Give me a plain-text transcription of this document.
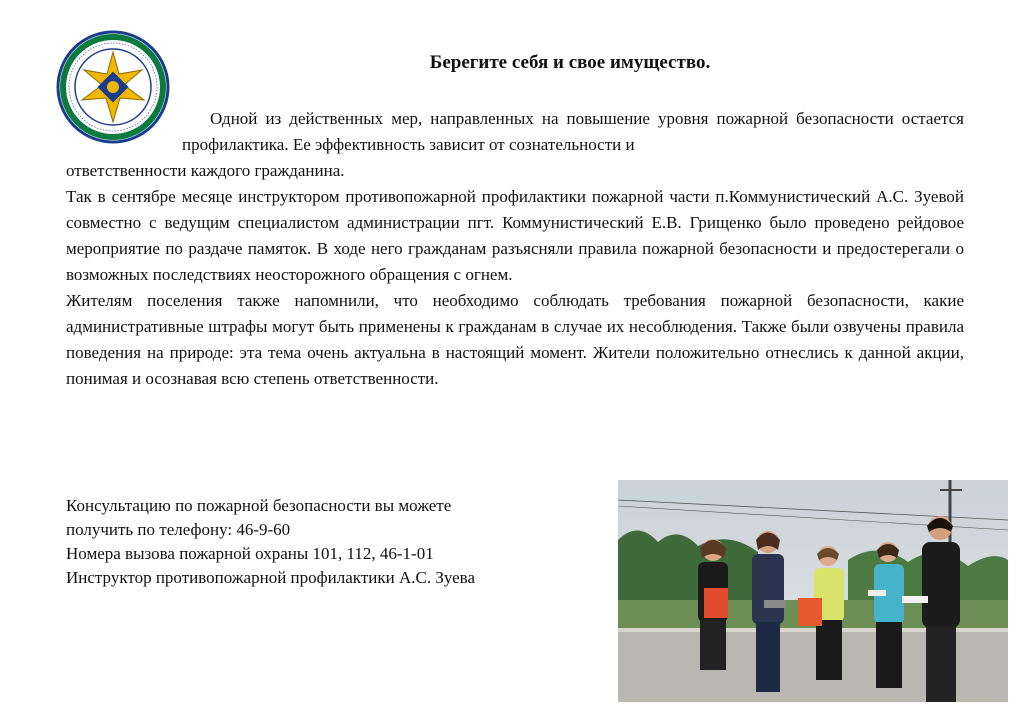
Берегите себя и свое имущество.

Одной из действенных мер, направленных на повышение уровня пожарной безопасности остается профилактика. Ее эффективность зависит от сознательности и

ответственности каждого гражданина.

Так в сентябре месяце инструктором противопожарной профилактики пожарной части п.Коммунистический А.С. Зуевой совместно с ведущим специалистом администрации пгт. Коммунистический Е.В. Грищенко было проведено рейдовое мероприятие по раздаче памяток. В ходе него гражданам разъясняли правила пожарной безопасности и предостерегали о возможных последствиях неосторожного обращения с огнем.

Жителям поселения также напомнили, что необходимо соблюдать требования пожарной безопасности, какие административные штрафы могут быть применены к гражданам в случае их несоблюдения. Также были озвучены правила поведения на природе: эта тема очень актуальна в настоящий момент. Жители положительно отнеслись к данной акции, понимая и осознавая всю степень ответственности.

Консультацию по пожарной безопасности вы можете
получить по телефону: 46-9-60
Номера вызова пожарной охраны 101, 112, 46-1-01
Инструктор противопожарной профилактики А.С. Зуева
